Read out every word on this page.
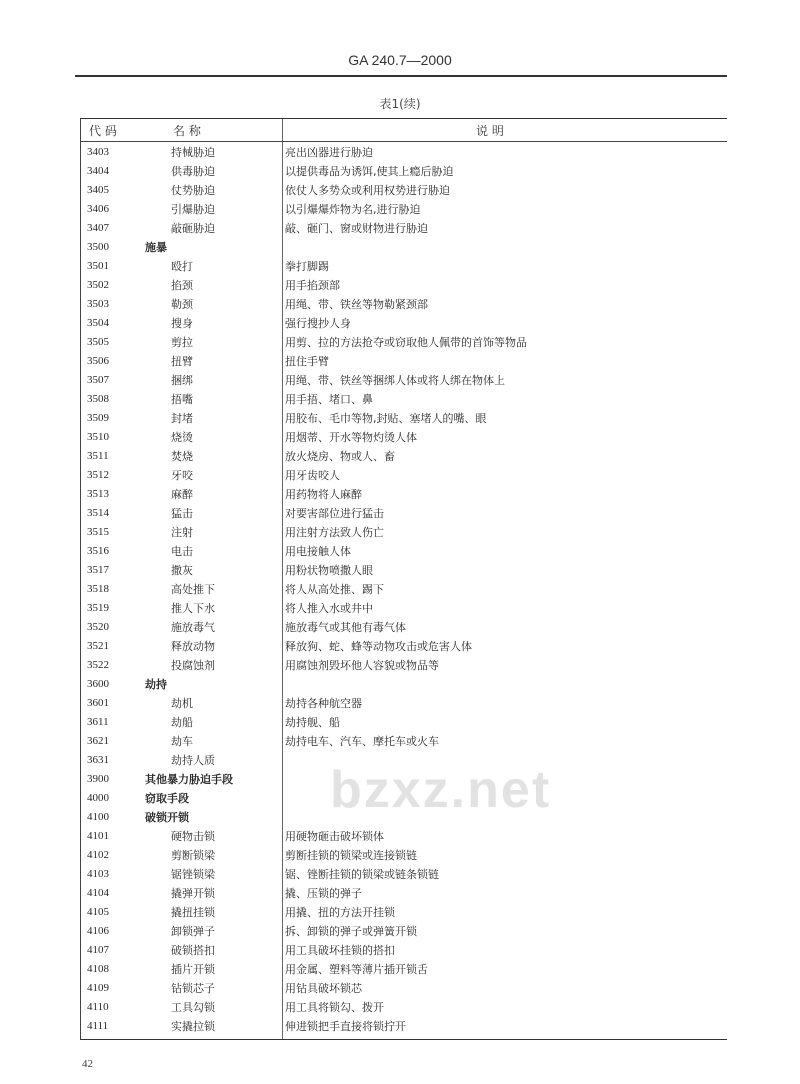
GA 240.7—2000
表1(续)
代 码	名 称	说 明
3403	持械胁迫	亮出凶器进行胁迫
3404	供毒胁迫	以提供毒品为诱饵,使其上瘾后胁迫
3405	仗势胁迫	依仗人多势众或利用权势进行胁迫
3406	引爆胁迫	以引爆爆炸物为名,进行胁迫
3407	敲砸胁迫	敲、砸门、窗或财物进行胁迫
3500	施暴
3501	殴打	拳打脚踢
3502	掐颈	用手掐颈部
3503	勒颈	用绳、带、铁丝等物勒紧颈部
3504	搜身	强行搜抄人身
3505	剪拉	用剪、拉的方法抢夺或窃取他人佩带的首饰等物品
3506	扭臂	扭住手臂
3507	捆绑	用绳、带、铁丝等捆绑人体或将人绑在物体上
3508	捂嘴	用手捂、堵口、鼻
3509	封堵	用胶布、毛巾等物,封贴、塞堵人的嘴、眼
3510	烧烫	用烟蒂、开水等物灼烫人体
3511	焚烧	放火烧房、物或人、畜
3512	牙咬	用牙齿咬人
3513	麻醉	用药物将人麻醉
3514	猛击	对要害部位进行猛击
3515	注射	用注射方法致人伤亡
3516	电击	用电接触人体
3517	撒灰	用粉状物喷撒人眼
3518	高处推下	将人从高处推、踢下
3519	推人下水	将人推入水或井中
3520	施放毒气	施放毒气或其他有毒气体
3521	释放动物	释放狗、蛇、蜂等动物攻击或危害人体
3522	投腐蚀剂	用腐蚀剂毁坏他人容貌或物品等
3600	劫持
3601	劫机	劫持各种航空器
3611	劫船	劫持舰、船
3621	劫车	劫持电车、汽车、摩托车或火车
3631	劫持人质
3900	其他暴力胁迫手段
4000	窃取手段
4100	破锁开锁
4101	硬物击锁	用硬物砸击破坏锁体
4102	剪断锁梁	剪断挂锁的锁梁或连接锁链
4103	锯锉锁梁	锯、锉断挂锁的锁梁或链条锁链
4104	撬弹开锁	撬、压锁的弹子
4105	撬扭挂锁	用撬、扭的方法开挂锁
4106	卸锁弹子	拆、卸锁的弹子或弹簧开锁
4107	破锁搭扣	用工具破坏挂锁的搭扣
4108	插片开锁	用金属、塑料等薄片插开锁舌
4109	钻锁芯子	用钻具破坏锁芯
4110	工具勾锁	用工具将锁勾、拨开
4111	实撬拉锁	伸进锁把手直接将锁拧开
bzxz.net
42
